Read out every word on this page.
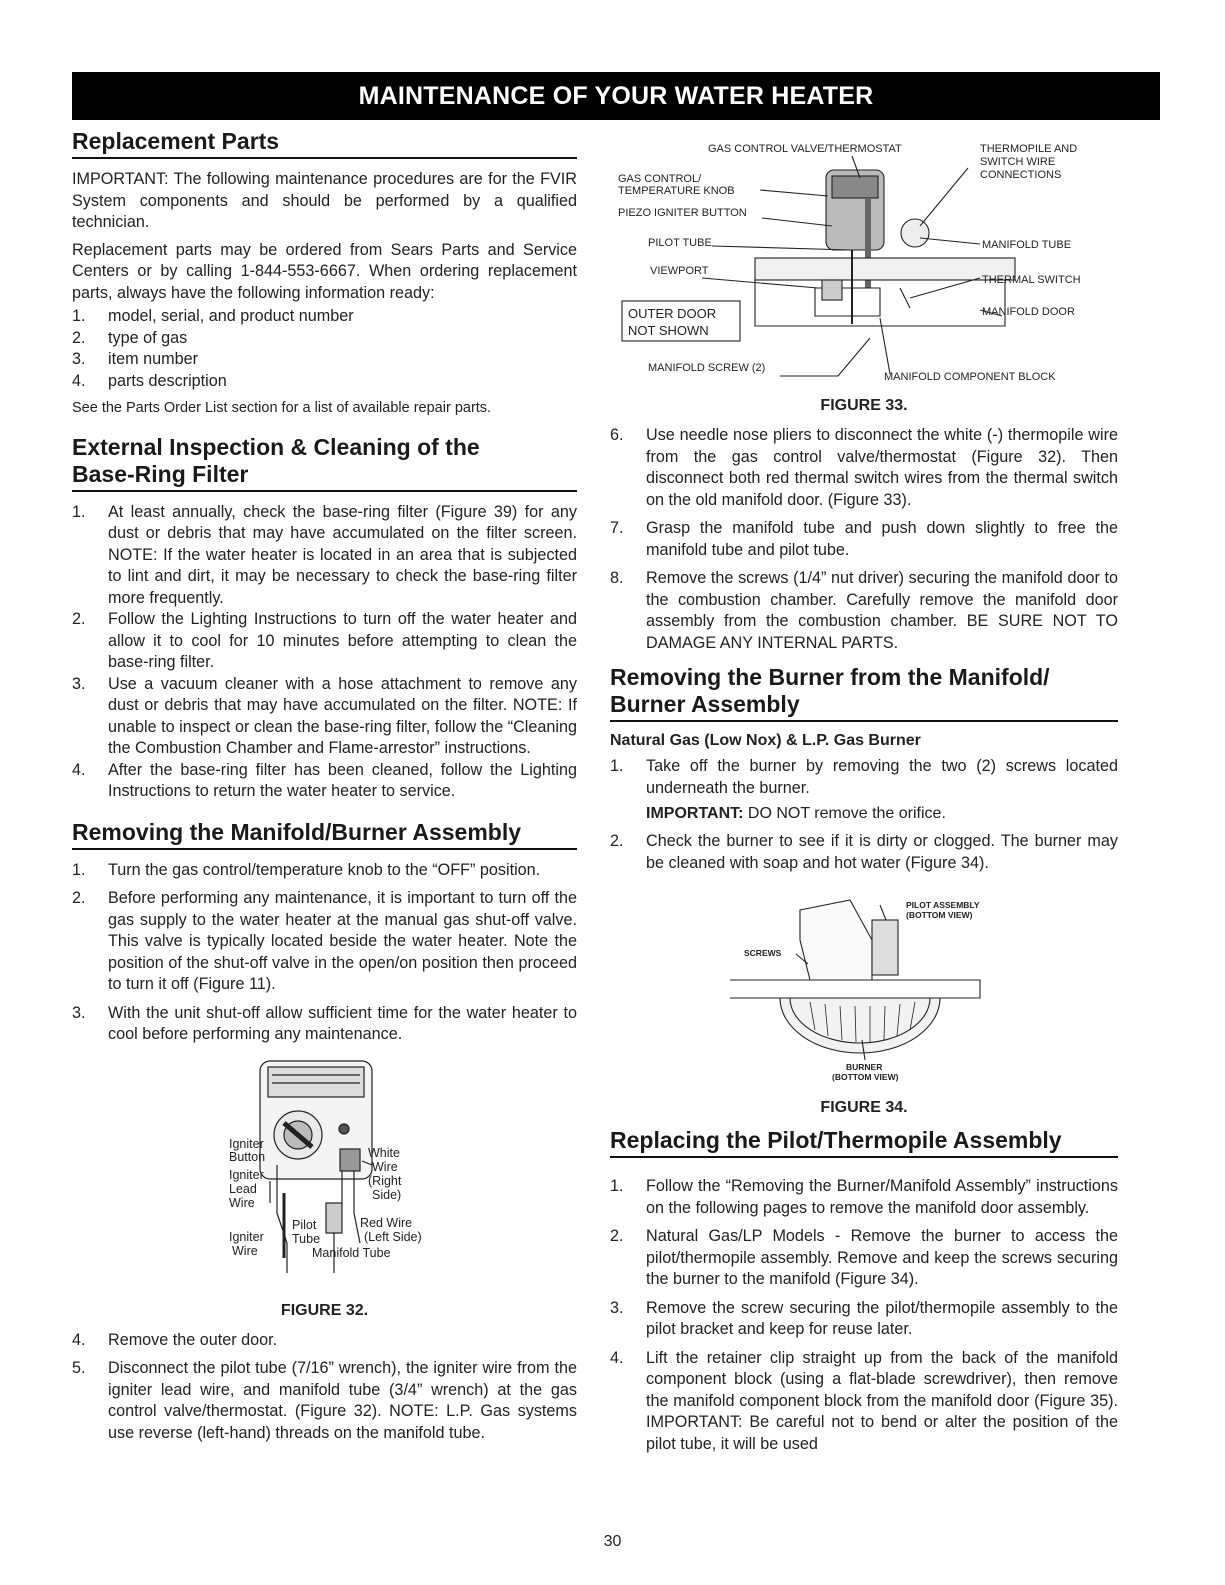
MAINTENANCE OF YOUR WATER HEATER
Replacement Parts

IMPORTANT: The following maintenance procedures are for the FVIR System components and should be performed by a qualified technician.

Replacement parts may be ordered from Sears Parts and Service Centers or by calling 1-844-553-6667. When ordering replacement parts, always have the following information ready:

1. model, serial, and product number
2. type of gas
3. item number
4. parts description

See the Parts Order List section for a list of available repair parts.

External Inspection & Cleaning of the
Base-Ring Filter
1. At least annually, check the base-ring filter (Figure 39) for any dust or debris that may have accumulated on the filter screen. NOTE: If the water heater is located in an area that is subjected to lint and dirt, it may be necessary to check the base-ring filter more frequently.
2. Follow the Lighting Instructions to turn off the water heater and allow it to cool for 10 minutes before attempting to clean the base-ring filter.
3. Use a vacuum cleaner with a hose attachment to remove any dust or debris that may have accumulated on the filter. NOTE: If unable to inspect or clean the base-ring filter, follow the “Cleaning the Combustion Chamber and Flame-arrestor” instructions.
4. After the base-ring filter has been cleaned, follow the Lighting Instructions to return the water heater to service.
Removing the Manifold/Burner Assembly
1. Turn the gas control/temperature knob to the “OFF” position.
2. Before performing any maintenance, it is important to turn off the gas supply to the water heater at the manual gas shut-off valve. This valve is typically located beside the water heater. Note the position of the shut-off valve in the open/on position then proceed to turn it off (Figure 11).
3. With the unit shut-off allow sufficient time for the water heater to cool before performing any maintenance.
Igniter
Button
Igniter
Lead
Wire
Igniter
Wire
Pilot
Tube
Manifold Tube
White
Wire
(Right
Side)
Red Wire
(Left Side)
FIGURE 32.
4. Remove the outer door.
5. Disconnect the pilot tube (7/16” wrench), the igniter wire from the igniter lead wire, and manifold tube (3/4” wrench) at the gas control valve/thermostat. (Figure 32). NOTE: L.P. Gas systems use reverse (left-hand) threads on the manifold tube.
GAS CONTROL VALVE/THERMOSTAT	THERMOPILE AND
SWITCH WIRE
CONNECTIONS
GAS CONTROL/
TEMPERATURE KNOB
PIEZO IGNITER BUTTON
PILOT TUBE
VIEWPORT
MANIFOLD TUBE
THERMAL SWITCH
MANIFOLD DOOR
MANIFOLD SCREW (2)
MANIFOLD COMPONENT BLOCK
OUTER DOOR
NOT SHOWN
FIGURE 33.
6. Use needle nose pliers to disconnect the white (-) thermopile wire from the gas control valve/thermostat (Figure 32). Then disconnect both red thermal switch wires from the thermal switch on the old manifold door. (Figure 33).
7. Grasp the manifold tube and push down slightly to free the manifold tube and pilot tube.
8. Remove the screws (1/4” nut driver) securing the manifold door to the combustion chamber. Carefully remove the manifold door assembly from the combustion chamber. BE SURE NOT TO DAMAGE ANY INTERNAL PARTS.
Removing the Burner from the Manifold/
Burner Assembly
Natural Gas (Low Nox) & L.P. Gas Burner
1. Take off the burner by removing the two (2) screws located underneath the burner.
IMPORTANT: DO NOT remove the orifice.
2. Check the burner to see if it is dirty or clogged. The burner may be cleaned with soap and hot water (Figure 34).
PILOT ASSEMBLY
(BOTTOM VIEW)
SCREWS
BURNER
(BOTTOM VIEW)
FIGURE 34.
Replacing the Pilot/Thermopile Assembly
1. Follow the “Removing the Burner/Manifold Assembly” instructions on the following pages to remove the manifold door assembly.
2. Natural Gas/LP Models - Remove the burner to access the pilot/thermopile assembly. Remove and keep the screws securing the burner to the manifold (Figure 34).
3. Remove the screw securing the pilot/thermopile assembly to the pilot bracket and keep for reuse later.
4. Lift the retainer clip straight up from the back of the manifold component block (using a flat-blade screwdriver), then remove the manifold component block from the manifold door (Figure 35). IMPORTANT: Be careful not to bend or alter the position of the pilot tube, it will be used
30
